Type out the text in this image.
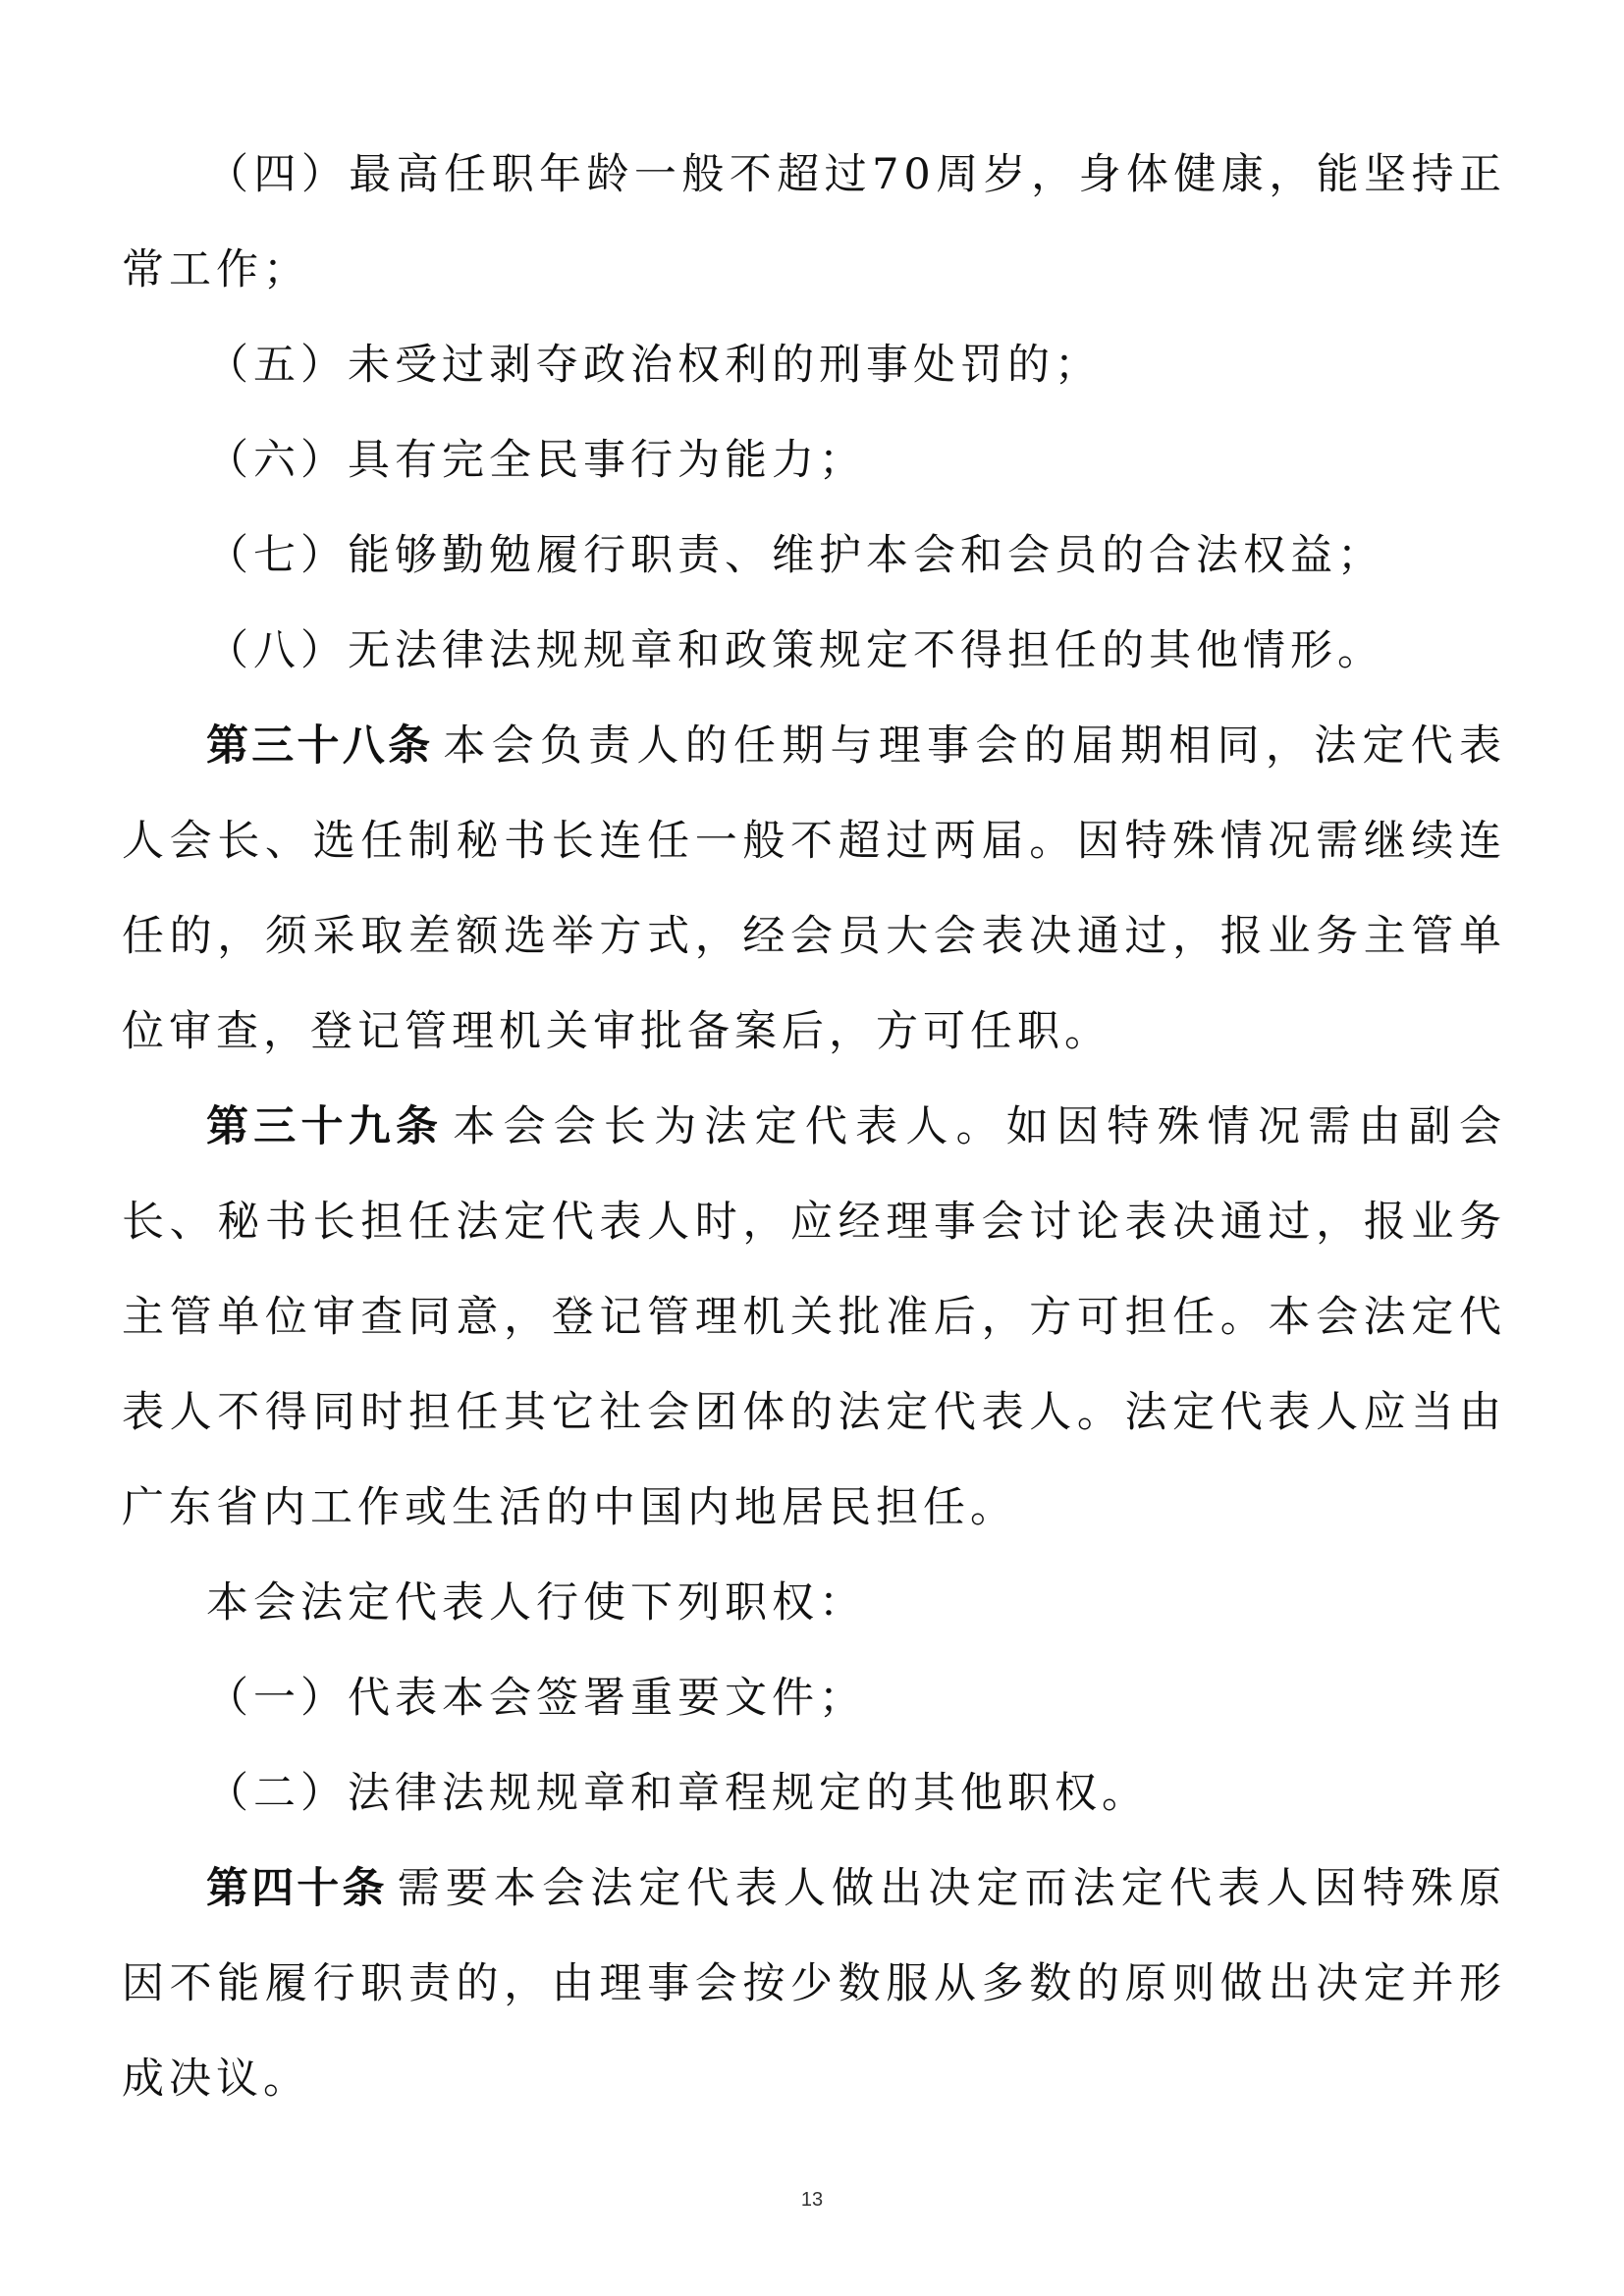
（四）最高任职年龄一般不超过70周岁，身体健康，能坚持正常工作；

（五）未受过剥夺政治权利的刑事处罚的；

（六）具有完全民事行为能力；

（七）能够勤勉履行职责、维护本会和会员的合法权益；

（八）无法律法规规章和政策规定不得担任的其他情形。

第三十八条 本会负责人的任期与理事会的届期相同，法定代表人会长、选任制秘书长连任一般不超过两届。因特殊情况需继续连任的，须采取差额选举方式，经会员大会表决通过，报业务主管单位审查，登记管理机关审批备案后，方可任职。

第三十九条 本会会长为法定代表人。如因特殊情况需由副会长、秘书长担任法定代表人时，应经理事会讨论表决通过，报业务主管单位审查同意，登记管理机关批准后，方可担任。本会法定代表人不得同时担任其它社会团体的法定代表人。法定代表人应当由广东省内工作或生活的中国内地居民担任。

本会法定代表人行使下列职权：

（一）代表本会签署重要文件；

（二）法律法规规章和章程规定的其他职权。

第四十条 需要本会法定代表人做出决定而法定代表人因特殊原因不能履行职责的，由理事会按少数服从多数的原则做出决定并形成决议。

13
